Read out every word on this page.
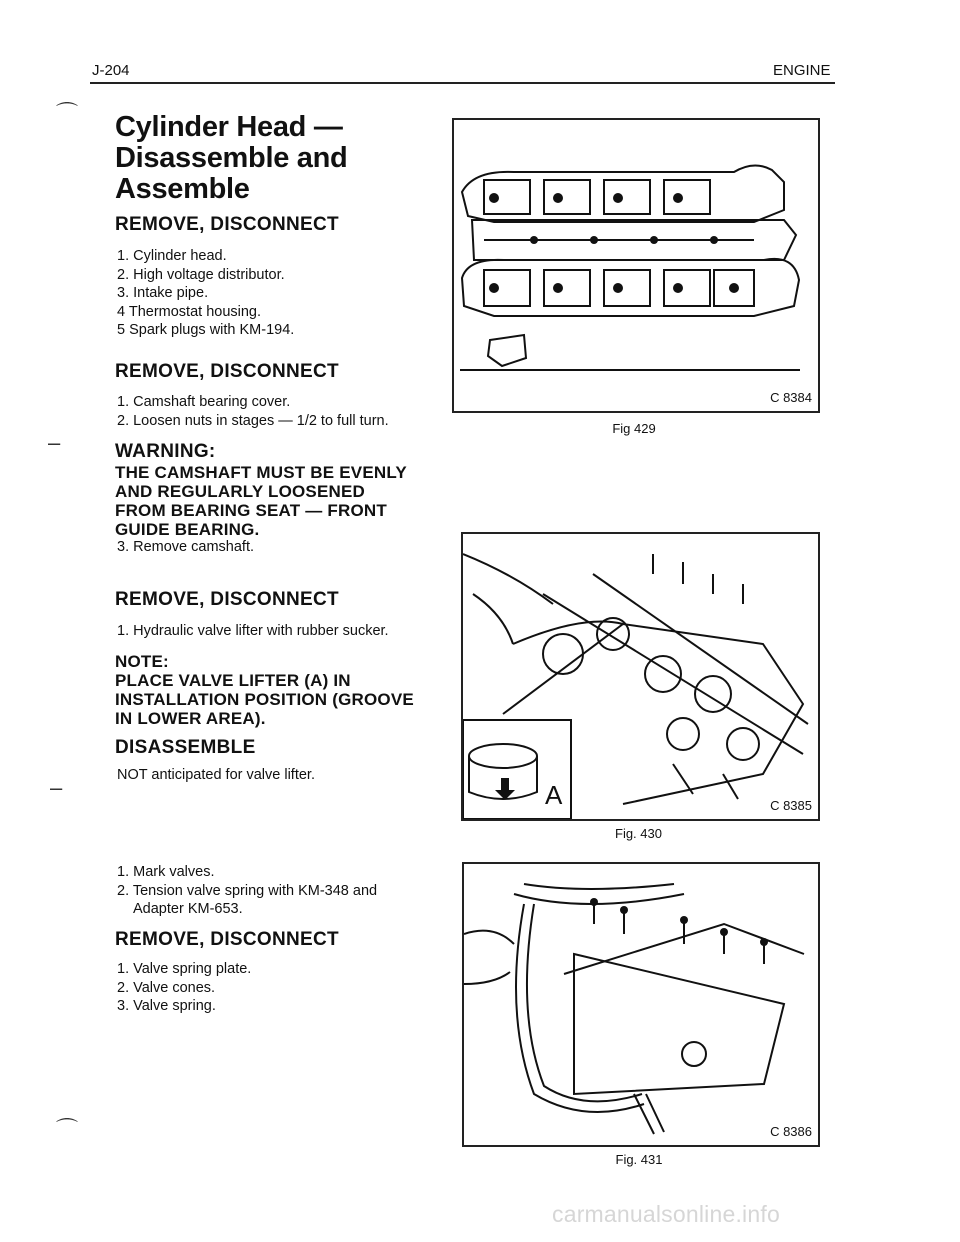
J-204	ENGINE
⌒
–
–
⌒
Cylinder Head —
Disassemble and
Assemble
REMOVE, DISCONNECT
1. Cylinder head.
2. High voltage distributor.
3. Intake pipe.
4 Thermostat housing.
5 Spark plugs with KM-194.
REMOVE, DISCONNECT
1. Camshaft bearing cover.
2. Loosen nuts in stages — 1/2 to full turn.
WARNING:
THE CAMSHAFT MUST BE EVENLY
AND REGULARLY LOOSENED
FROM BEARING SEAT — FRONT
GUIDE BEARING.
3. Remove camshaft.
REMOVE, DISCONNECT
1. Hydraulic valve lifter with rubber sucker.
NOTE:
PLACE VALVE LIFTER (A) IN
INSTALLATION POSITION (GROOVE
IN LOWER AREA).
DISASSEMBLE
NOT anticipated for valve lifter.
1. Mark valves.
2. Tension valve spring with KM-348 and
Adapter KM-653.
REMOVE, DISCONNECT
1. Valve spring plate.
2. Valve cones.
3. Valve spring.
C 8384
Fig 429
A	C 8385
Fig. 430
C 8386
Fig. 431
carmanualsonline.info
